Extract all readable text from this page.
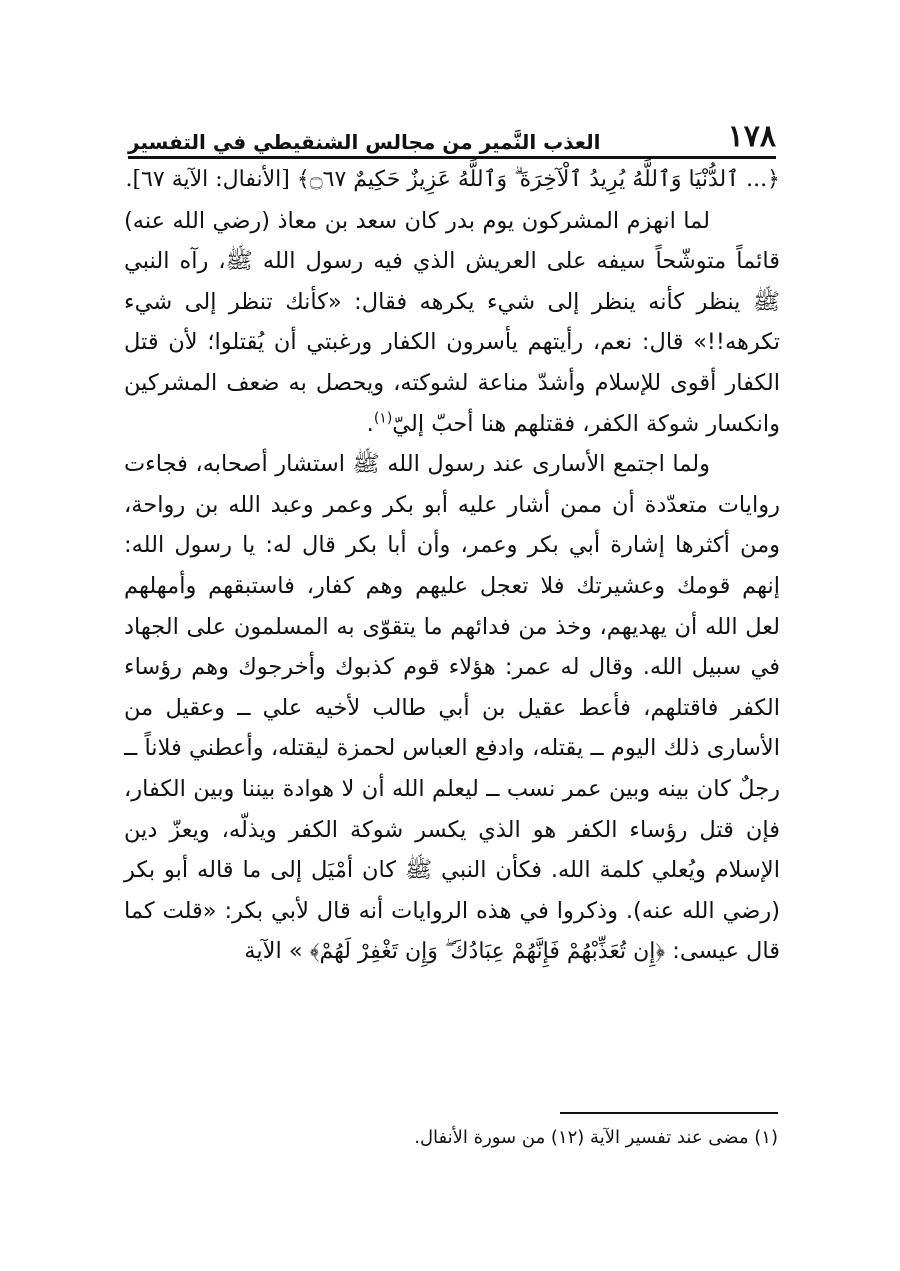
١٧٨
العذب النَّمير من مجالس الشنقيطي في التفسير

﴿... ٱلدُّنْيَا وَٱللَّهُ يُرِيدُ ٱلْآخِرَةَ ۗ وَٱللَّهُ عَزِيزٌ حَكِيمٌ ۝٦٧﴾ [الأنفال: الآية ٦٧].

لما انهزم المشركون يوم بدر كان سعد بن معاذ (رضي الله عنه) قائماً متوشّحاً سيفه على العريش الذي فيه رسول الله ﷺ، رآه النبي ﷺ ينظر كأنه ينظر إلى شيء يكرهه فقال: «كأنك تنظر إلى شيء تكرهه!!» قال: نعم، رأيتهم يأسرون الكفار ورغبتي أن يُقتلوا؛ لأن قتل الكفار أقوى للإسلام وأشدّ مناعة لشوكته، ويحصل به ضعف المشركين وانكسار شوكة الكفر، فقتلهم هنا أحبّ إليّ$^{(١)}$.

ولما اجتمع الأسارى عند رسول الله ﷺ استشار أصحابه، فجاءت روايات متعدّدة أن ممن أشار عليه أبو بكر وعمر وعبد الله بن رواحة، ومن أكثرها إشارة أبي بكر وعمر، وأن أبا بكر قال له: يا رسول الله: إنهم قومك وعشيرتك فلا تعجل عليهم وهم كفار، فاستبقهم وأمهلهم لعل الله أن يهديهم، وخذ من فدائهم ما يتقوّى به المسلمون على الجهاد في سبيل الله. وقال له عمر: هؤلاء قوم كذبوك وأخرجوك وهم رؤساء الكفر فاقتلهم، فأعط عقيل بن أبي طالب لأخيه علي ــ وعقيل من الأسارى ذلك اليوم ــ يقتله، وادفع العباس لحمزة ليقتله، وأعطني فلاناً ــ رجلٌ كان بينه وبين عمر نسب ــ ليعلم الله أن لا هوادة بيننا وبين الكفار، فإن قتل رؤساء الكفر هو الذي يكسر شوكة الكفر ويذلّه، ويعزّ دين الإسلام ويُعلي كلمة الله. فكأن النبي ﷺ كان أمْيَل إلى ما قاله أبو بكر (رضي الله عنه). وذكروا في هذه الروايات أنه قال لأبي بكر: «قلت كما قال عيسى: ﴿إِن تُعَذِّبْهُمْ فَإِنَّهُمْ عِبَادُكَ ۖ وَإِن تَغْفِرْ لَهُمْ﴾ » الآية

(١) مضى عند تفسير الآية (١٢) من سورة الأنفال.
